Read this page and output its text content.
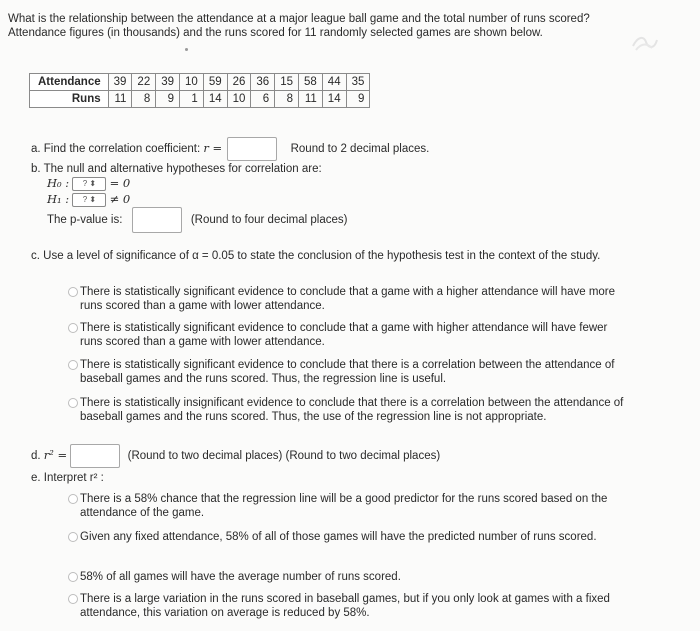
What is the relationship between the attendance at a major league ball game and the total number of runs scored? Attendance figures (in thousands) and the runs scored for 11 randomly selected games are shown below.
Attendance	39	22	39	10	59	26	36	15	58	44	35
Runs	11	8	9	1	14	10	6	8	11	14	9
a. Find the correlation coefficient: r =	Round to 2 decimal places.
b. The null and alternative hypotheses for correlation are:
H₀ : ? ⬍ = 0
H₁ : ? ⬍ ≠ 0
The p-value is:	(Round to four decimal places)
c. Use a level of significance of α = 0.05 to state the conclusion of the hypothesis test in the context of the study.
There is statistically significant evidence to conclude that a game with a higher attendance will have more runs scored than a game with lower attendance.
There is statistically significant evidence to conclude that a game with higher attendance will have fewer runs scored than a game with lower attendance.
There is statistically significant evidence to conclude that there is a correlation between the attendance of baseball games and the runs scored. Thus, the regression line is useful.
There is statistically insignificant evidence to conclude that there is a correlation between the attendance of baseball games and the runs scored. Thus, the use of the regression line is not appropriate.
d. r² =	(Round to two decimal places) (Round to two decimal places)
e. Interpret r² :
There is a 58% chance that the regression line will be a good predictor for the runs scored based on the attendance of the game.
Given any fixed attendance, 58% of all of those games will have the predicted number of runs scored.
58% of all games will have the average number of runs scored.
There is a large variation in the runs scored in baseball games, but if you only look at games with a fixed attendance, this variation on average is reduced by 58%.
